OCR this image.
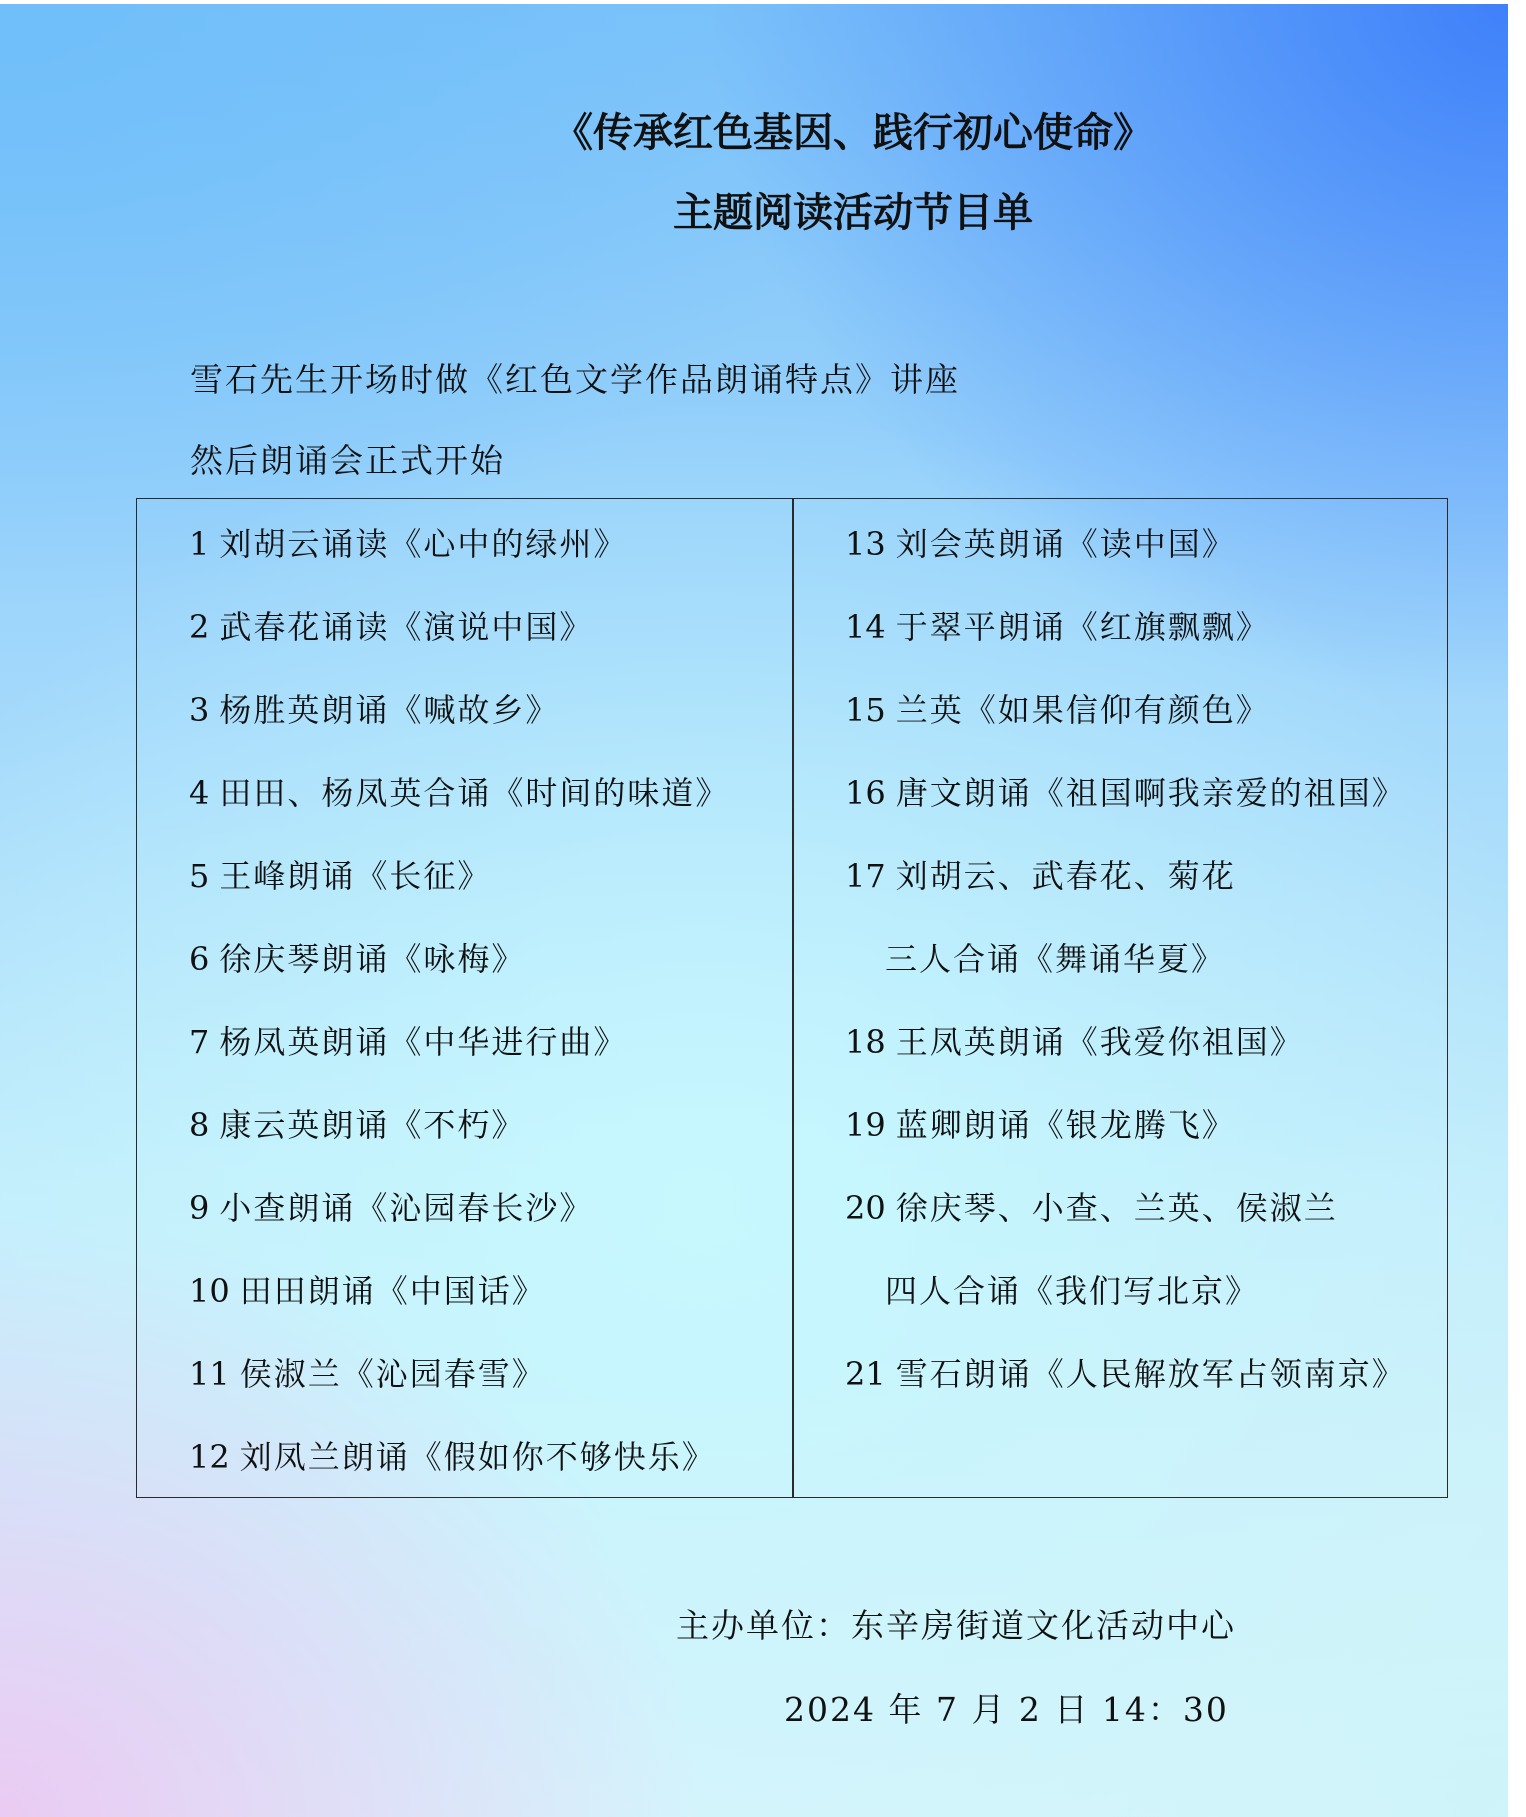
《传承红色基因、践行初心使命》
主题阅读活动节目单
雪石先生开场时做《红色文学作品朗诵特点》讲座
然后朗诵会正式开始
1 刘胡云诵读《心中的绿州》
2 武春花诵读《演说中国》
3 杨胜英朗诵《喊故乡》
4 田田、杨凤英合诵《时间的味道》
5 王峰朗诵《长征》
6 徐庆琴朗诵《咏梅》
7 杨凤英朗诵《中华进行曲》
8 康云英朗诵《不朽》
9 小查朗诵《沁园春长沙》
10 田田朗诵《中国话》
11 侯淑兰《沁园春雪》
12 刘凤兰朗诵《假如你不够快乐》
13 刘会英朗诵《读中国》
14 于翠平朗诵《红旗飘飘》
15 兰英《如果信仰有颜色》
16 唐文朗诵《祖国啊我亲爱的祖国》
17 刘胡云、武春花、菊花
三人合诵《舞诵华夏》
18 王凤英朗诵《我爱你祖国》
19 蓝卿朗诵《银龙腾飞》
20 徐庆琴、小查、兰英、侯淑兰
四人合诵《我们写北京》
21 雪石朗诵《人民解放军占领南京》
主办单位：东辛房街道文化活动中心
2024 年 7 月 2 日 14：30
